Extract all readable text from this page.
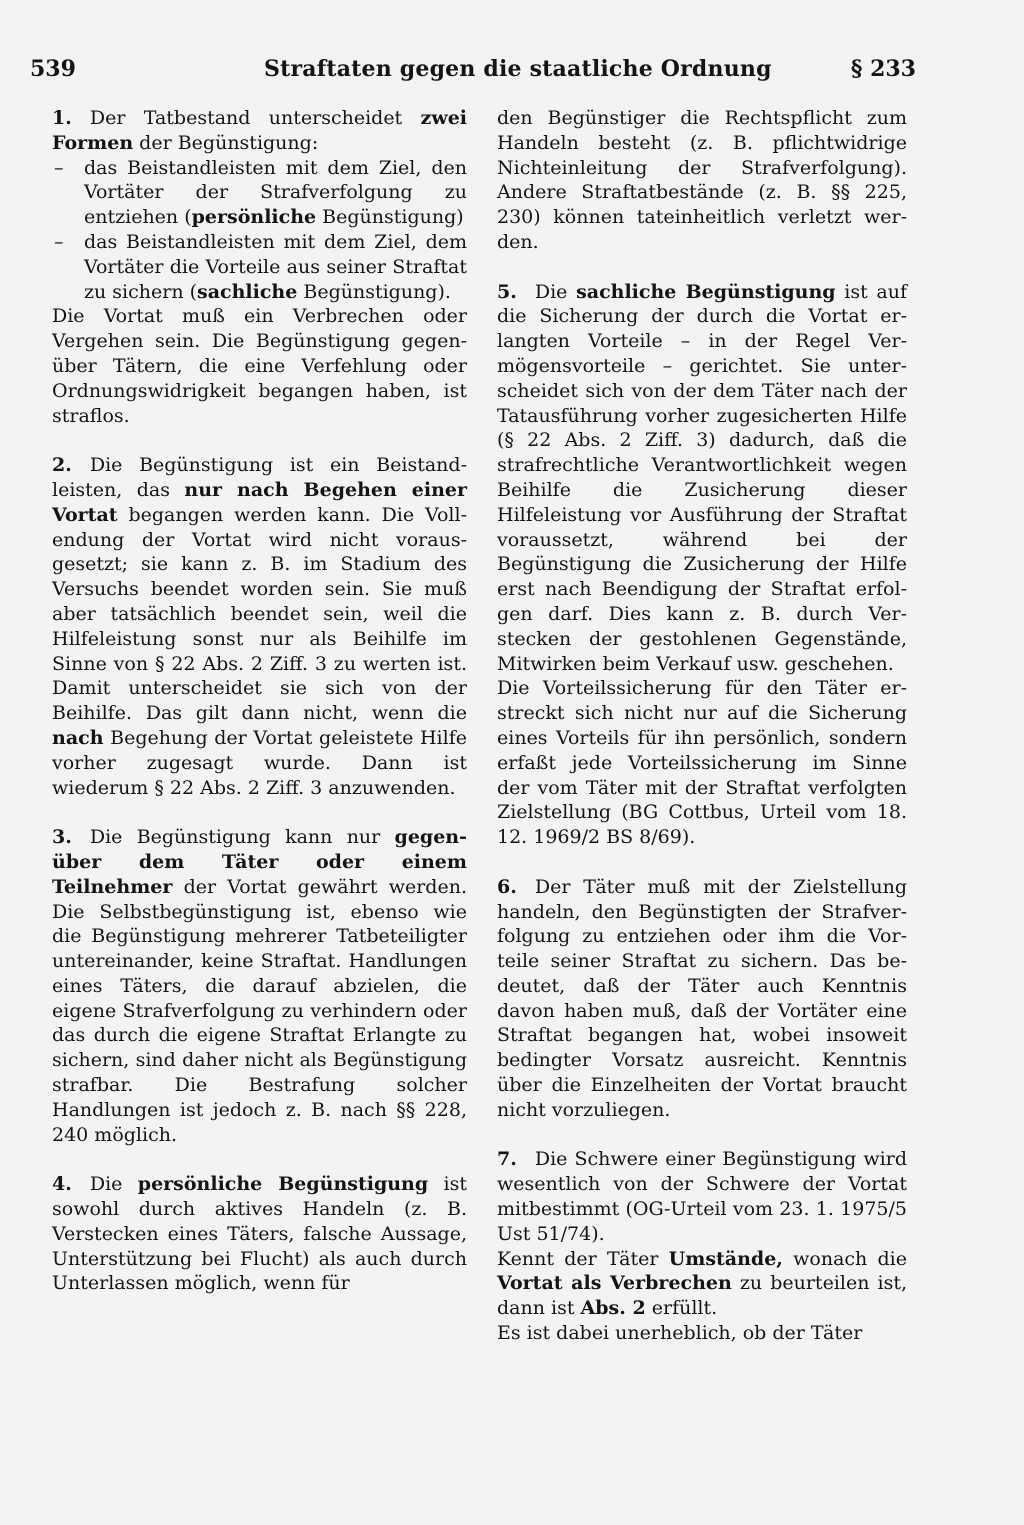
539	Straftaten gegen die staatliche Ordnung	§ 233

1. Der Tatbestand unterscheidet zwei Formen der Begünstigung:

– das Beistandleisten mit dem Ziel, den Vortäter der Strafverfolgung zu entziehen (persönliche Begünstigung)
– das Beistandleisten mit dem Ziel, dem Vortäter die Vorteile aus seiner Straftat zu sichern (sachliche Begünstigung).

Die Vortat muß ein Verbrechen oder Vergehen sein. Die Begünstigung gegenüber Tätern, die eine Verfehlung oder Ordnungswidrigkeit begangen haben, ist straflos.

2. Die Begünstigung ist ein Beistandleisten, das nur nach Begehen einer Vortat begangen werden kann. Die Vollendung der Vortat wird nicht vorausgesetzt; sie kann z. B. im Stadium des Versuchs beendet worden sein. Sie muß aber tatsächlich beendet sein, weil die Hilfeleistung sonst nur als Beihilfe im Sinne von § 22 Abs. 2 Ziff. 3 zu werten ist. Damit unterscheidet sie sich von der Beihilfe. Das gilt dann nicht, wenn die nach Begehung der Vortat geleistete Hilfe vorher zugesagt wurde. Dann ist wiederum § 22 Abs. 2 Ziff. 3 anzuwenden.

3. Die Begünstigung kann nur gegenüber dem Täter oder einem Teilnehmer der Vortat gewährt werden. Die Selbstbegünstigung ist, ebenso wie die Begünstigung mehrerer Tatbeteiligter untereinander, keine Straftat. Handlungen eines Täters, die darauf abzielen, die eigene Strafverfolgung zu verhindern oder das durch die eigene Straftat Erlangte zu sichern, sind daher nicht als Begünstigung strafbar. Die Bestrafung solcher Handlungen ist jedoch z. B. nach §§ 228, 240 möglich.

4. Die persönliche Begünstigung ist sowohl durch aktives Handeln (z. B. Verstecken eines Täters, falsche Aussage, Unterstützung bei Flucht) als auch durch Unterlassen möglich, wenn für

den Begünstiger die Rechtspflicht zum Handeln besteht (z. B. pflichtwidrige Nichteinleitung der Strafverfolgung). Andere Straftatbestände (z. B. §§ 225, 230) können tateinheitlich verletzt werden.

5. Die sachliche Begünstigung ist auf die Sicherung der durch die Vortat erlangten Vorteile – in der Regel Vermögensvorteile – gerichtet. Sie unterscheidet sich von der dem Täter nach der Tatausführung vorher zugesicherten Hilfe (§ 22 Abs. 2 Ziff. 3) dadurch, daß die strafrechtliche Verantwortlichkeit wegen Beihilfe die Zusicherung dieser Hilfeleistung vor Ausführung der Straftat voraussetzt, während bei der Begünstigung die Zusicherung der Hilfe erst nach Beendigung der Straftat erfolgen darf. Dies kann z. B. durch Verstecken der gestohlenen Gegenstände, Mitwirken beim Verkauf usw. geschehen.

Die Vorteilssicherung für den Täter erstreckt sich nicht nur auf die Sicherung eines Vorteils für ihn persönlich, sondern erfaßt jede Vorteilssicherung im Sinne der vom Täter mit der Straftat verfolgten Zielstellung (BG Cottbus, Urteil vom 18. 12. 1969/2 BS 8/69).

6. Der Täter muß mit der Zielstellung handeln, den Begünstigten der Strafverfolgung zu entziehen oder ihm die Vorteile seiner Straftat zu sichern. Das bedeutet, daß der Täter auch Kenntnis davon haben muß, daß der Vortäter eine Straftat begangen hat, wobei insoweit bedingter Vorsatz ausreicht. Kenntnis über die Einzelheiten der Vortat braucht nicht vorzuliegen.

7. Die Schwere einer Begünstigung wird wesentlich von der Schwere der Vortat mitbestimmt (OG-Urteil vom 23. 1. 1975/5 Ust 51/74).

Kennt der Täter Umstände, wonach die Vortat als Verbrechen zu beurteilen ist, dann ist Abs. 2 erfüllt.

Es ist dabei unerheblich, ob der Täter
